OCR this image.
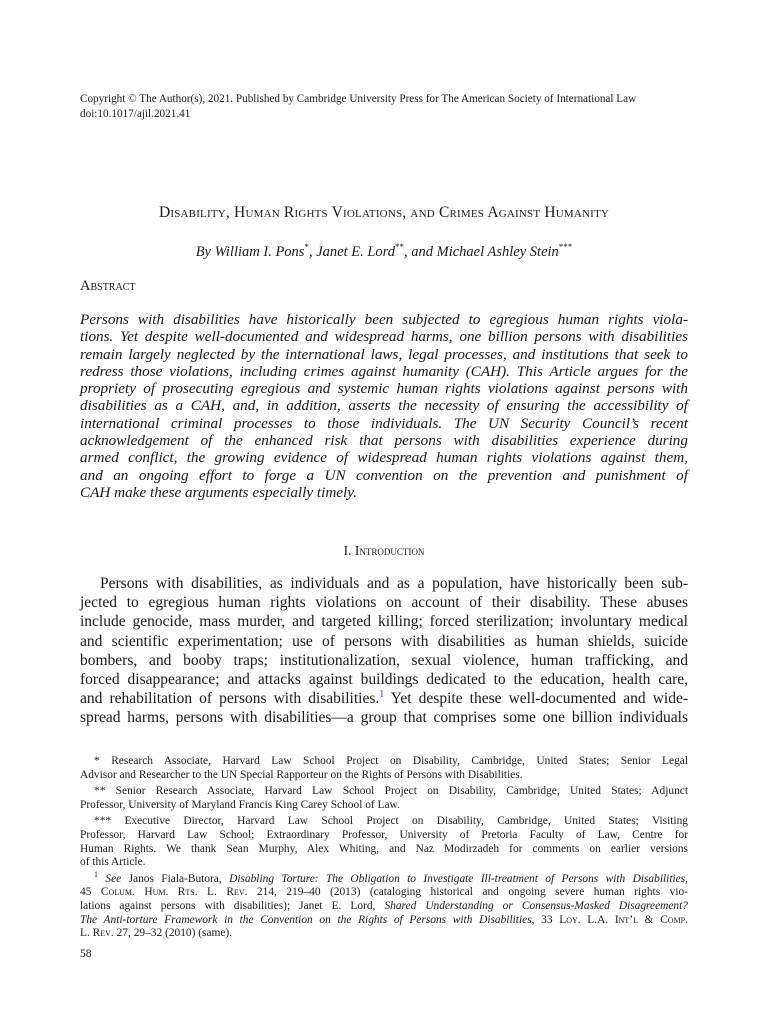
Copyright © The Author(s), 2021. Published by Cambridge University Press for The American Society of International Law
doi:10.1017/ajil.2021.41
Disability, Human Rights Violations, and Crimes Against Humanity
By William I. Pons*, Janet E. Lord**, and Michael Ashley Stein***
Abstract
Persons with disabilities have historically been subjected to egregious human rights viola-
tions. Yet despite well-documented and widespread harms, one billion persons with disabilities
remain largely neglected by the international laws, legal processes, and institutions that seek to
redress those violations, including crimes against humanity (CAH). This Article argues for the
propriety of prosecuting egregious and systemic human rights violations against persons with
disabilities as a CAH, and, in addition, asserts the necessity of ensuring the accessibility of
international criminal processes to those individuals. The UN Security Council’s recent
acknowledgement of the enhanced risk that persons with disabilities experience during
armed conflict, the growing evidence of widespread human rights violations against them,
and an ongoing effort to forge a UN convention on the prevention and punishment of
CAH make these arguments especially timely.
I. Introduction
Persons with disabilities, as individuals and as a population, have historically been sub-
jected to egregious human rights violations on account of their disability. These abuses
include genocide, mass murder, and targeted killing; forced sterilization; involuntary medical
and scientific experimentation; use of persons with disabilities as human shields, suicide
bombers, and booby traps; institutionalization, sexual violence, human trafficking, and
forced disappearance; and attacks against buildings dedicated to the education, health care,
and rehabilitation of persons with disabilities.$^1$ Yet despite these well-documented and wide-
spread harms, persons with disabilities—a group that comprises some one billion individuals
* Research Associate, Harvard Law School Project on Disability, Cambridge, United States; Senior Legal
Advisor and Researcher to the UN Special Rapporteur on the Rights of Persons with Disabilities.
** Senior Research Associate, Harvard Law School Project on Disability, Cambridge, United States; Adjunct
Professor, University of Maryland Francis King Carey School of Law.
*** Executive Director, Harvard Law School Project on Disability, Cambridge, United States; Visiting
Professor, Harvard Law School; Extraordinary Professor, University of Pretoria Faculty of Law, Centre for
Human Rights. We thank Sean Murphy, Alex Whiting, and Naz Modirzadeh for comments on earlier versions
of this Article.
$^1$ See Janos Fiala-Butora, Disabling Torture: The Obligation to Investigate Ill-treatment of Persons with Disabilities,
45 Colum. Hum. Rts. L. Rev. 214, 219–40 (2013) (cataloging historical and ongoing severe human rights vio-
lations against persons with disabilities); Janet E. Lord, Shared Understanding or Consensus-Masked Disagreement?
The Anti-torture Framework in the Convention on the Rights of Persons with Disabilities, 33 Loy. L.A. Int’l & Comp.
L. Rev. 27, 29–32 (2010) (same).
58
